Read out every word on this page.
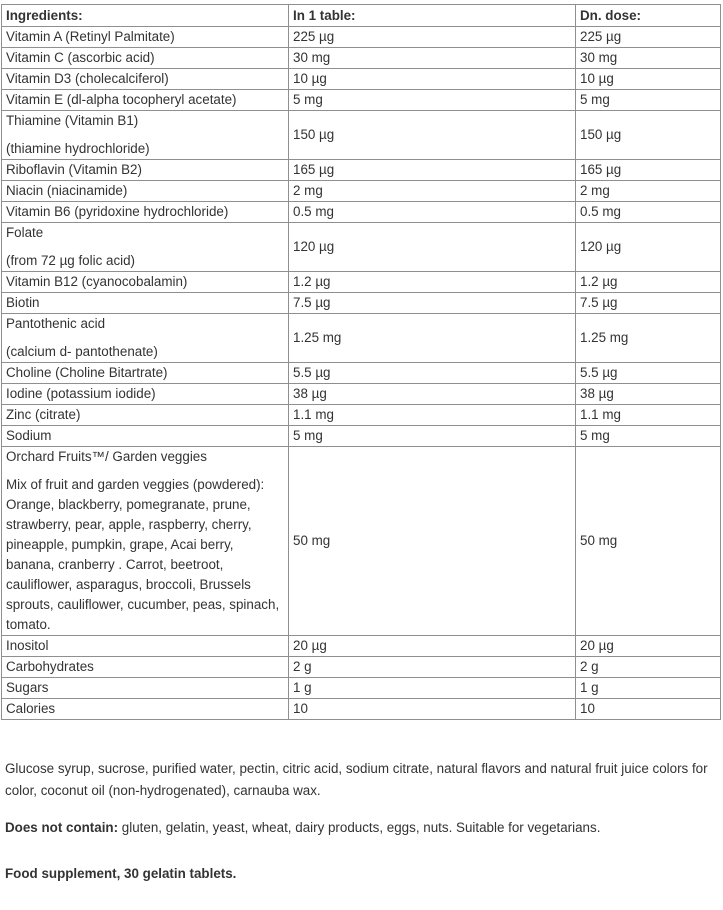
Ingredients:	In 1 table:	Dn. dose:

Vitamin A (Retinyl Palmitate)	225 µg	225 µg

Vitamin C (ascorbic acid)	30 mg	30 mg

Vitamin D3 (cholecalciferol)	10 µg	10 µg

Vitamin E (dl-alpha tocopheryl acetate)	5 mg	5 mg

Thiamine (Vitamin B1)

(thiamine hydrochloride)	150 µg	150 µg

Riboflavin (Vitamin B2)	165 µg	165 µg

Niacin (niacinamide)	2 mg	2 mg

Vitamin B6 (pyridoxine hydrochloride)	0.5 mg	0.5 mg

Folate

(from 72 µg folic acid)	120 µg	120 µg

Vitamin B12 (cyanocobalamin)	1.2 µg	1.2 µg

Biotin	7.5 µg	7.5 µg

Pantothenic acid

(calcium d- pantothenate)	1.25 mg	1.25 mg

Choline (Choline Bitartrate)	5.5 µg	5.5 µg

Iodine (potassium iodide)	38 µg	38 µg

Zinc (citrate)	1.1 mg	1.1 mg

Sodium	5 mg	5 mg

Orchard Fruits™/ Garden veggies

Mix of fruit and garden veggies (powdered): Orange, blackberry, pomegranate, prune, strawberry, pear, apple, raspberry, cherry, pineapple, pumpkin, grape, Acai berry, banana, cranberry . Carrot, beetroot, cauliflower, asparagus, broccoli, Brussels sprouts, cauliflower, cucumber, peas, spinach, tomato.	50 mg	50 mg

Inositol	20 µg	20 µg

Carbohydrates	2 g	2 g

Sugars	1 g	1 g

Calories	10	10

Glucose syrup, sucrose, purified water, pectin, citric acid, sodium citrate, natural flavors and natural fruit juice colors for color, coconut oil (non-hydrogenated), carnauba wax.

Does not contain: gluten, gelatin, yeast, wheat, dairy products, eggs, nuts. Suitable for vegetarians.

Food supplement, 30 gelatin tablets.
